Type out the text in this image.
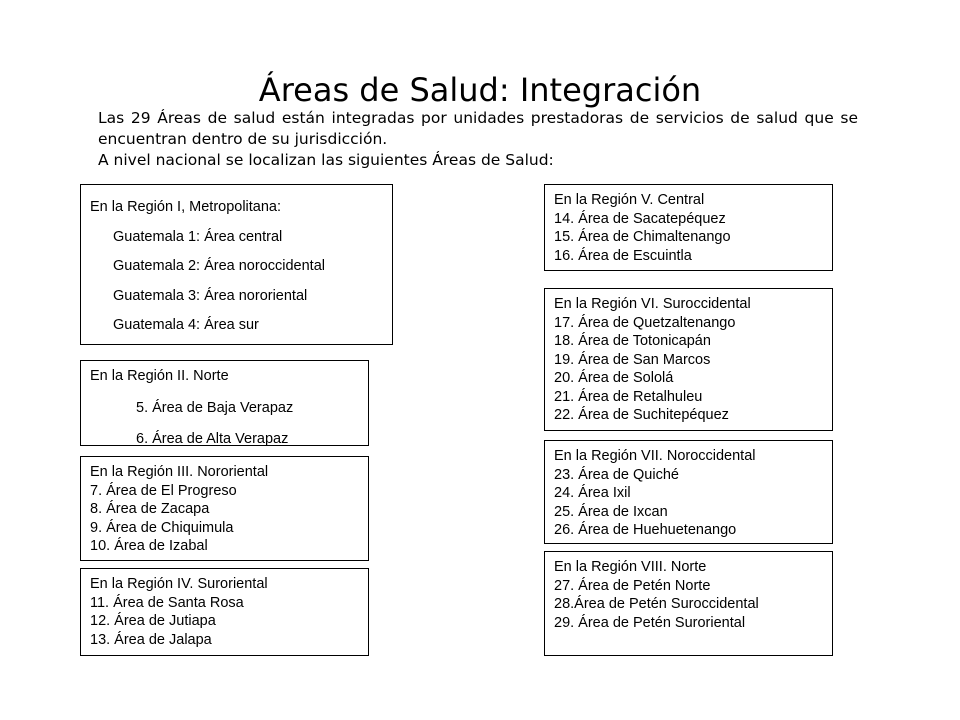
Áreas de Salud: Integración

Las 29 Áreas de salud están integradas por unidades prestadoras de servicios de salud que se encuentran dentro de su jurisdicción.

A nivel nacional se localizan las siguientes Áreas de Salud:

En la Región I, Metropolitana:
Guatemala 1: Área central
Guatemala 2: Área noroccidental
Guatemala 3: Área nororiental
Guatemala 4: Área sur
En la Región II. Norte
5. Área de Baja Verapaz
6. Área de Alta Verapaz
En la Región III. Nororiental
7. Área de El Progreso
8. Área de Zacapa
9. Área de Chiquimula
10. Área de Izabal
En la Región IV. Suroriental
11. Área de Santa Rosa
12. Área de Jutiapa
13. Área de Jalapa
En la Región V. Central
14. Área de Sacatepéquez
15. Área de Chimaltenango
16. Área de Escuintla
En la Región VI. Suroccidental
17. Área de Quetzaltenango
18. Área de Totonicapán
19. Área de San Marcos
20. Área de Sololá
21. Área de Retalhuleu
22. Área de Suchitepéquez
En la Región VII. Noroccidental
23. Área de Quiché
24. Área Ixil
25. Área de Ixcan
26. Área de Huehuetenango
En la Región VIII. Norte
27. Área de Petén Norte
28.Área de Petén Suroccidental
29. Área de Petén Suroriental
